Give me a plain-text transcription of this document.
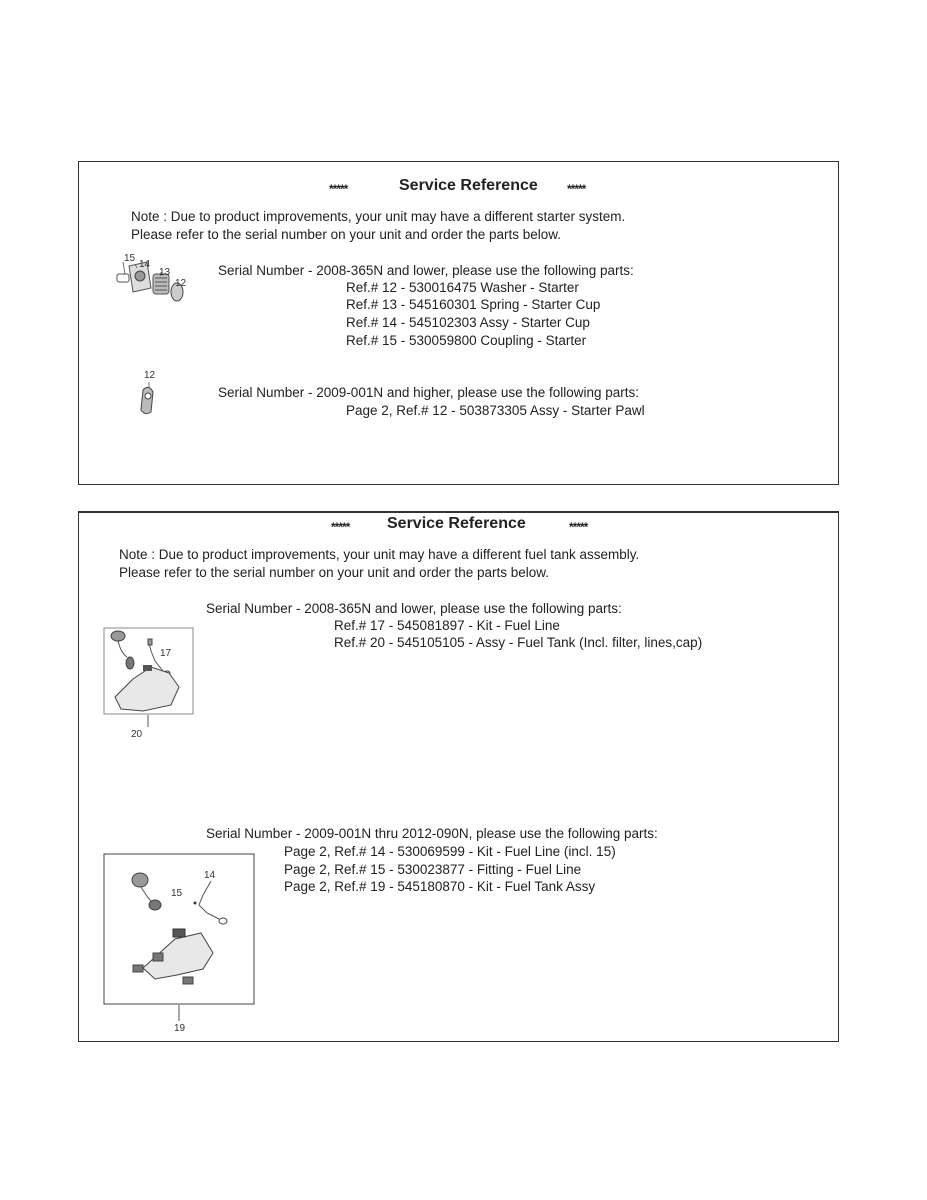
*****	Service Reference *****
Note : Due to product improvements, your unit may have a different starter system.
Please refer to the serial number on your unit and order the parts below.
15
14
13
12
Serial Number - 2008-365N and lower, please use the following parts:
Ref.# 12 - 530016475 Washer - Starter
Ref.# 13 - 545160301 Spring - Starter Cup
Ref.# 14 - 545102303 Assy - Starter Cup
Ref.# 15 - 530059800 Coupling - Starter
12
Serial Number - 2009-001N and higher, please use the following parts:
Page 2, Ref.# 12 - 503873305 Assy - Starter Pawl
***** Service Reference	*****
Note : Due to product improvements, your unit may have a different fuel tank assembly.
Please refer to the serial number on your unit and order the parts below.
Serial Number - 2008-365N and lower, please use the following parts:
Ref.# 17 - 545081897 - Kit - Fuel Line
Ref.# 20 - 545105105 - Assy - Fuel Tank (Incl. filter, lines,cap)
17
20
Serial Number - 2009-001N thru 2012-090N, please use the following parts:
Page 2, Ref.# 14 - 530069599 - Kit - Fuel Line (incl. 15)
Page 2, Ref.# 15 - 530023877 - Fitting - Fuel Line
Page 2, Ref.# 19 - 545180870 - Kit - Fuel Tank Assy
14
15
19
